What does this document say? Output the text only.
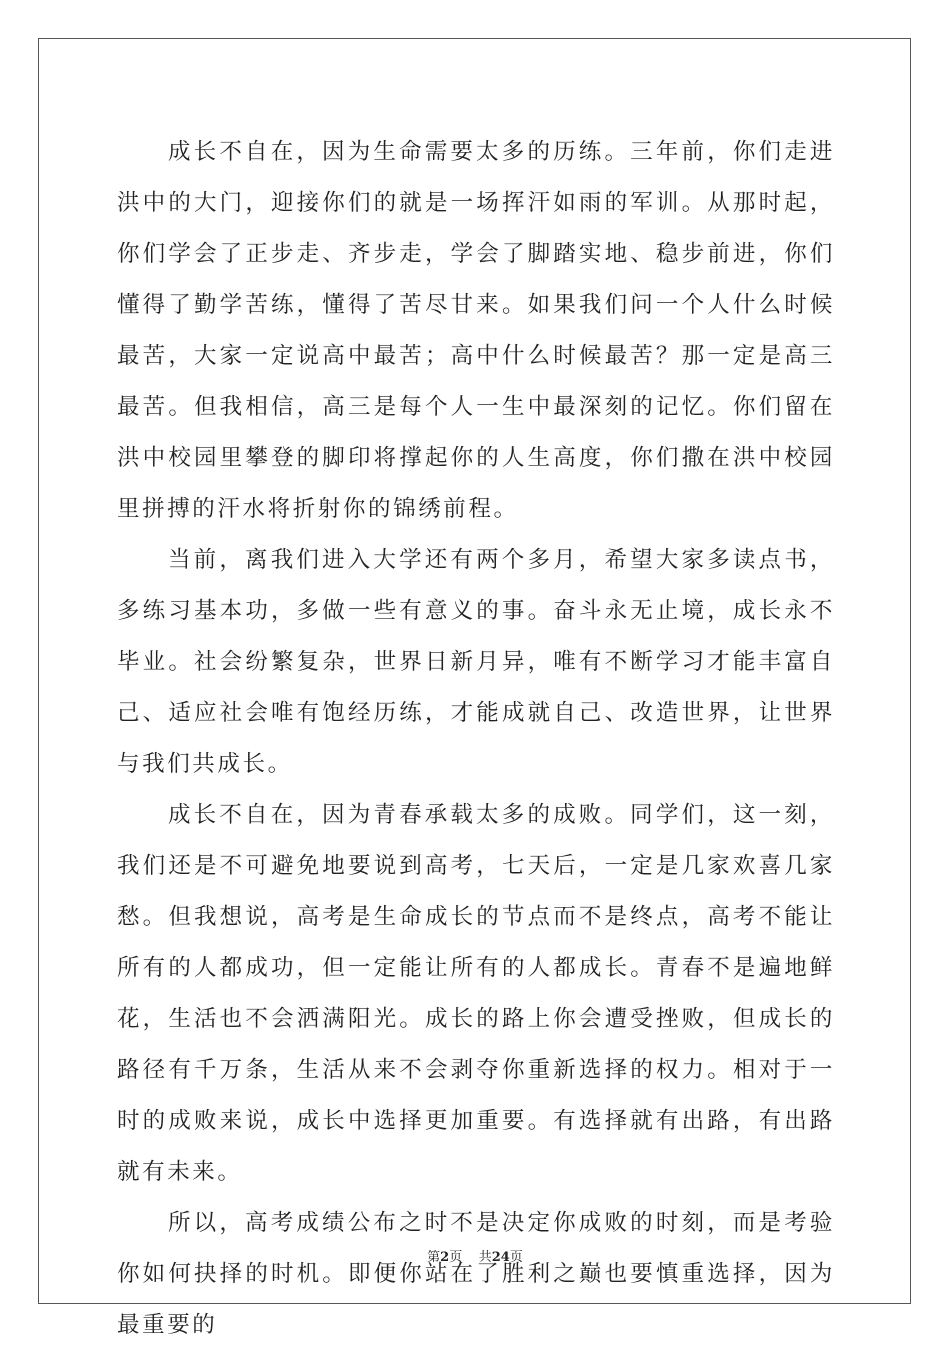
成长不自在，因为生命需要太多的历练。三年前，你们走进洪中的大门，迎接你们的就是一场挥汗如雨的军训。从那时起，你们学会了正步走、齐步走，学会了脚踏实地、稳步前进，你们懂得了勤学苦练，懂得了苦尽甘来。如果我们问一个人什么时候最苦，大家一定说高中最苦；高中什么时候最苦？那一定是高三最苦。但我相信，高三是每个人一生中最深刻的记忆。你们留在洪中校园里攀登的脚印将撑起你的人生高度，你们撒在洪中校园里拼搏的汗水将折射你的锦绣前程。

当前，离我们进入大学还有两个多月，希望大家多读点书，多练习基本功，多做一些有意义的事。奋斗永无止境，成长永不毕业。社会纷繁复杂，世界日新月异，唯有不断学习才能丰富自己、适应社会唯有饱经历练，才能成就自己、改造世界，让世界与我们共成长。

成长不自在，因为青春承载太多的成败。同学们，这一刻，我们还是不可避免地要说到高考，七天后，一定是几家欢喜几家愁。但我想说，高考是生命成长的节点而不是终点，高考不能让所有的人都成功，但一定能让所有的人都成长。青春不是遍地鲜花，生活也不会洒满阳光。成长的路上你会遭受挫败，但成长的路径有千万条，生活从来不会剥夺你重新选择的权力。相对于一时的成败来说，成长中选择更加重要。有选择就有出路，有出路就有未来。

所以，高考成绩公布之时不是决定你成败的时刻，而是考验你如何抉择的时机。即便你站在了胜利之巅也要慎重选择，因为最重要的

第2页 共24页
